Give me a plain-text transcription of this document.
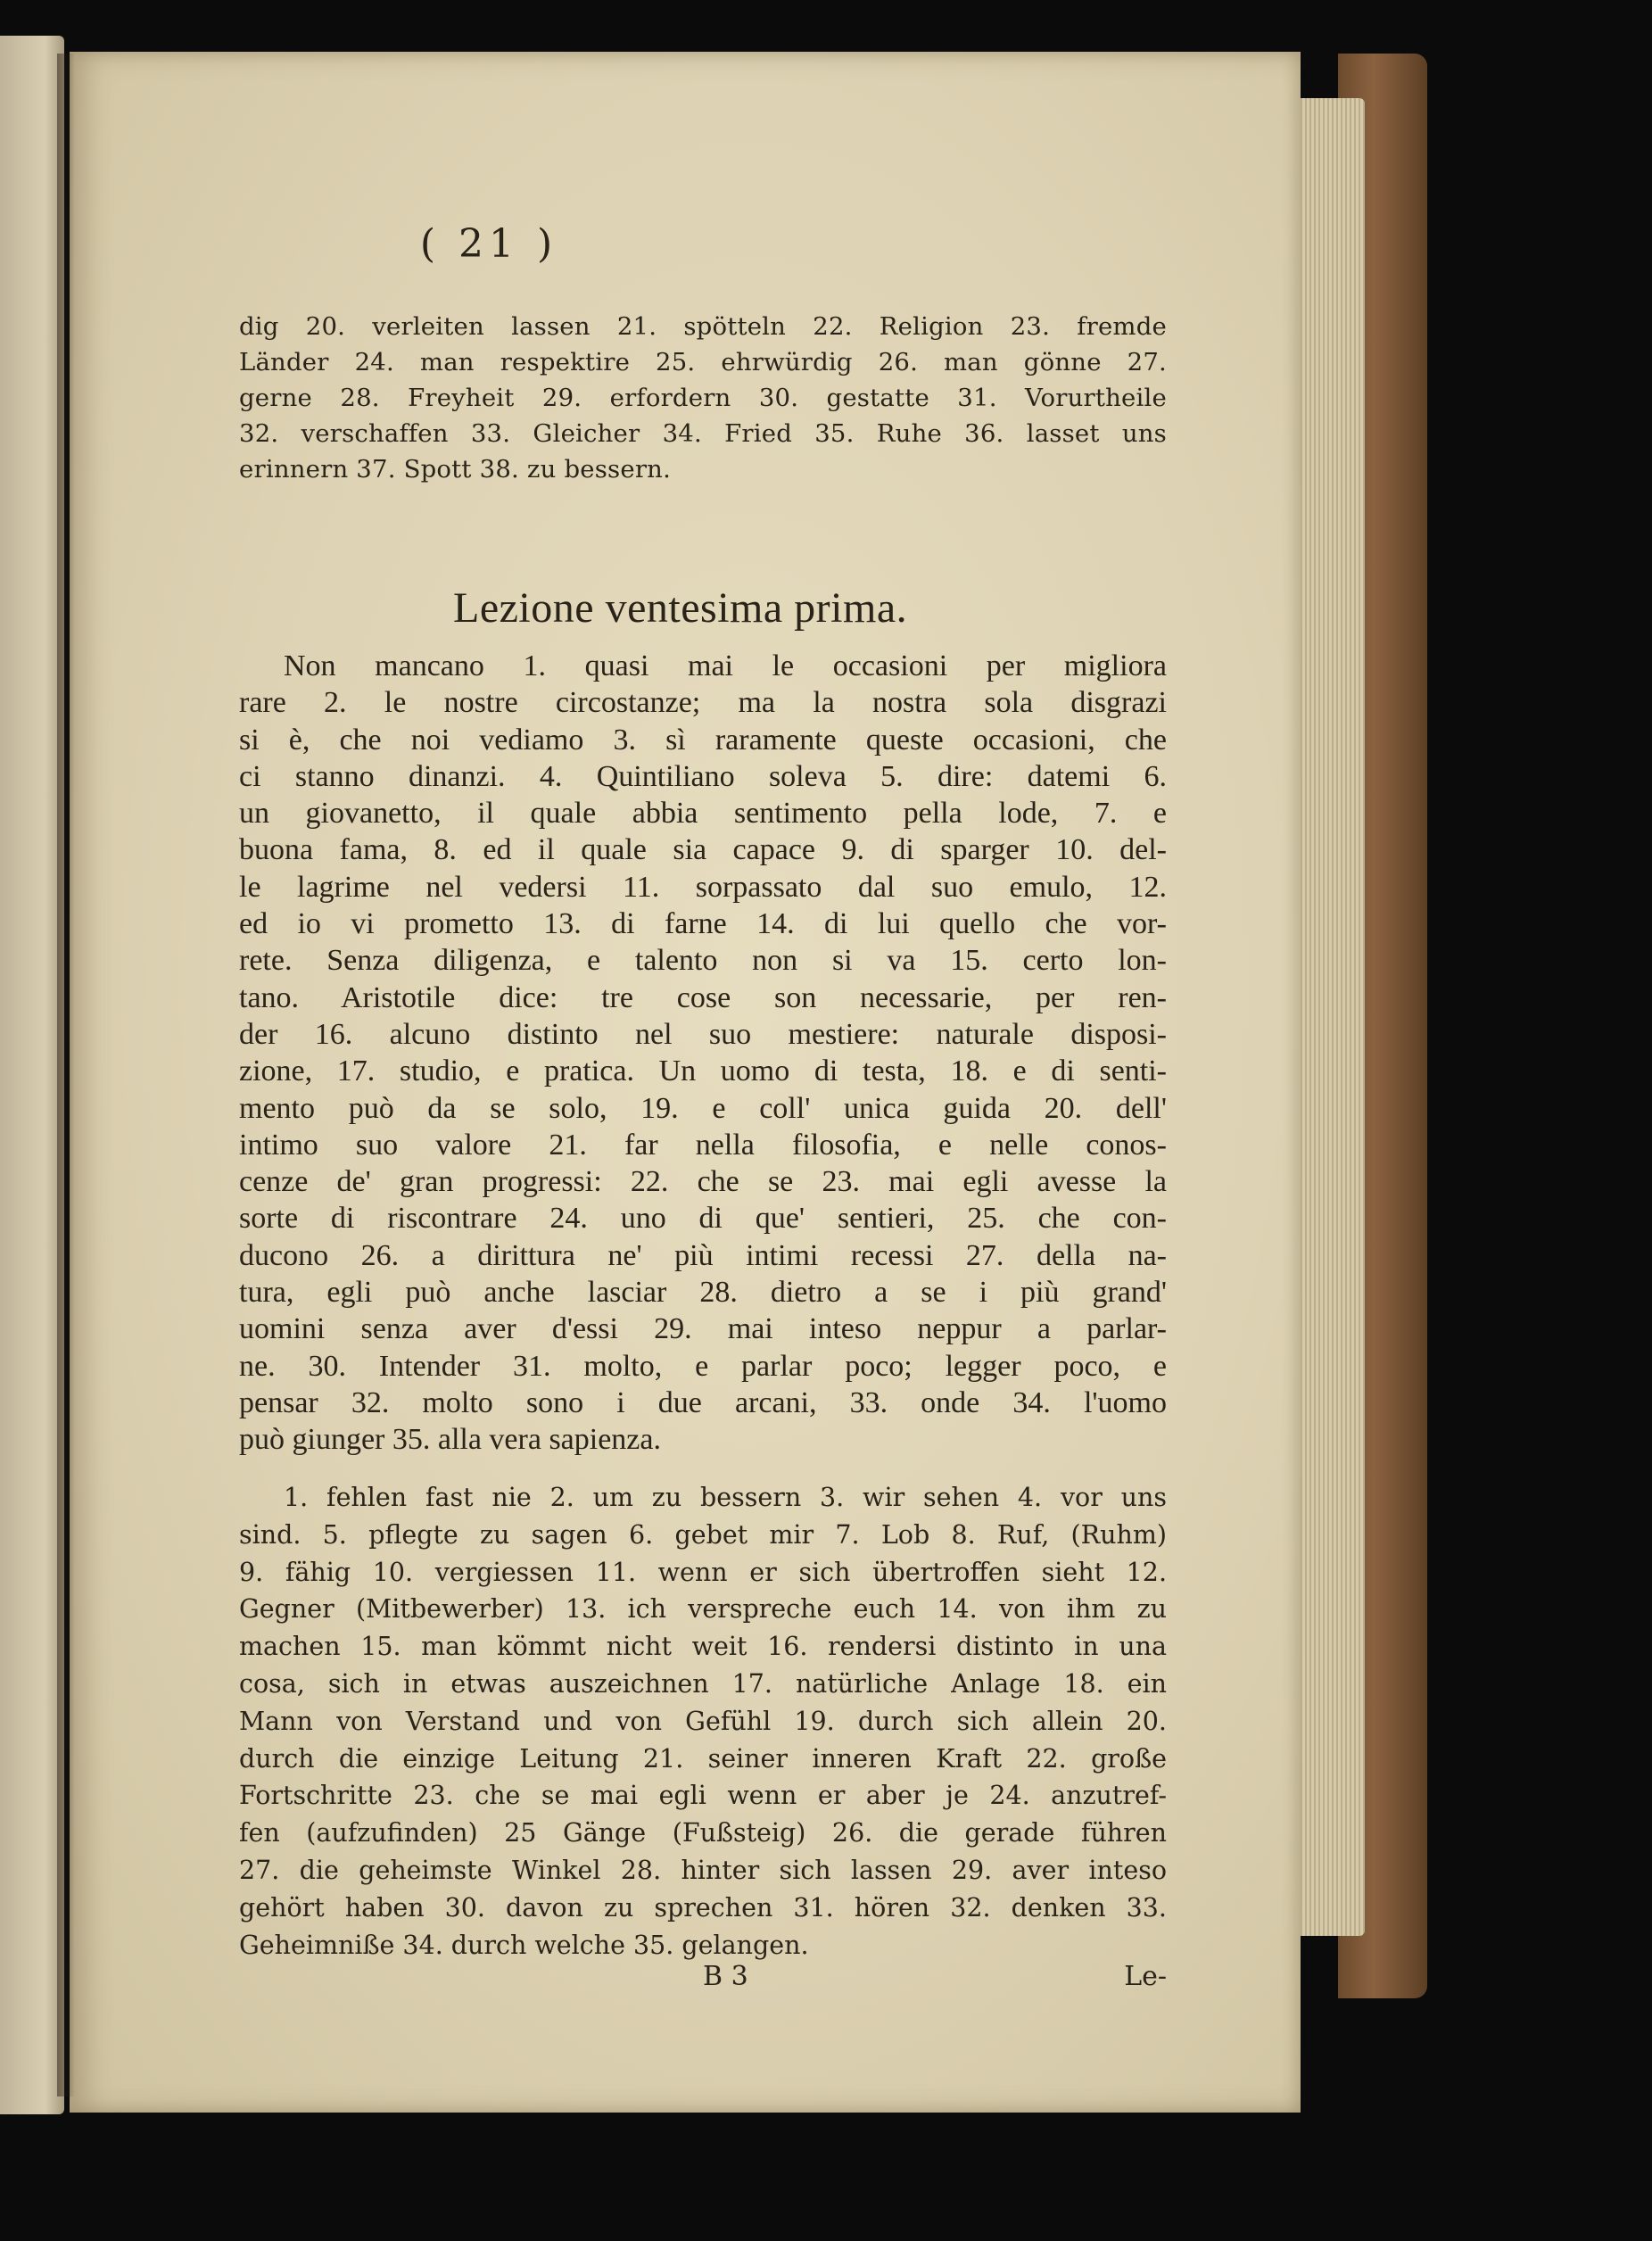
( 21 )
dig 20. verleiten lassen 21. spötteln 22. Religion 23. fremde
Länder 24. man respektire 25. ehrwürdig 26. man gönne 27.
gerne 28. Freyheit 29. erfordern 30. gestatte 31. Vorurtheile
32. verschaffen 33. Gleicher 34. Fried 35. Ruhe 36. lasset uns
erinnern 37. Spott 38. zu bessern.
Lezione ventesima prima.
Non mancano 1. quasi mai le occasioni per migliora
rare 2. le nostre circostanze; ma la nostra sola disgrazi
si è, che noi vediamo 3. sì raramente queste occasioni, che
ci stanno dinanzi. 4. Quintiliano soleva 5. dire: datemi 6.
un giovanetto, il quale abbia sentimento pella lode, 7. e
buona fama, 8. ed il quale sia capace 9. di sparger 10. del-
le lagrime nel vedersi 11. sorpassato dal suo emulo, 12.
ed io vi prometto 13. di farne 14. di lui quello che vor-
rete. Senza diligenza, e talento non si va 15. certo lon-
tano. Aristotile dice: tre cose son necessarie, per ren-
der 16. alcuno distinto nel suo mestiere: naturale disposi-
zione, 17. studio, e pratica. Un uomo di testa, 18. e di senti-
mento può da se solo, 19. e coll' unica guida 20. dell'
intimo suo valore 21. far nella filosofia, e nelle conos-
cenze de' gran progressi: 22. che se 23. mai egli avesse la
sorte di riscontrare 24. uno di que' sentieri, 25. che con-
ducono 26. a dirittura ne' più intimi recessi 27. della na-
tura, egli può anche lasciar 28. dietro a se i più grand'
uomini senza aver d'essi 29. mai inteso neppur a parlar-
ne. 30. Intender 31. molto, e parlar poco; legger poco, e
pensar 32. molto sono i due arcani, 33. onde 34. l'uomo
può giunger 35. alla vera sapienza.
1. fehlen fast nie 2. um zu bessern 3. wir sehen 4. vor uns
sind. 5. pflegte zu sagen 6. gebet mir 7. Lob 8. Ruf, (Ruhm)
9. fähig 10. vergiessen 11. wenn er sich übertroffen sieht 12.
Gegner (Mitbewerber) 13. ich verspreche euch 14. von ihm zu
machen 15. man kömmt nicht weit 16. rendersi distinto in una
cosa, sich in etwas auszeichnen 17. natürliche Anlage 18. ein
Mann von Verstand und von Gefühl 19. durch sich allein 20.
durch die einzige Leitung 21. seiner inneren Kraft 22. große
Fortschritte 23. che se mai egli wenn er aber je 24. anzutref-
fen (aufzufinden) 25 Gänge (Fußsteig) 26. die gerade führen
27. die geheimste Winkel 28. hinter sich lassen 29. aver inteso
gehört haben 30. davon zu sprechen 31. hören 32. denken 33.
Geheimniße 34. durch welche 35. gelangen.
B 3	Le-
